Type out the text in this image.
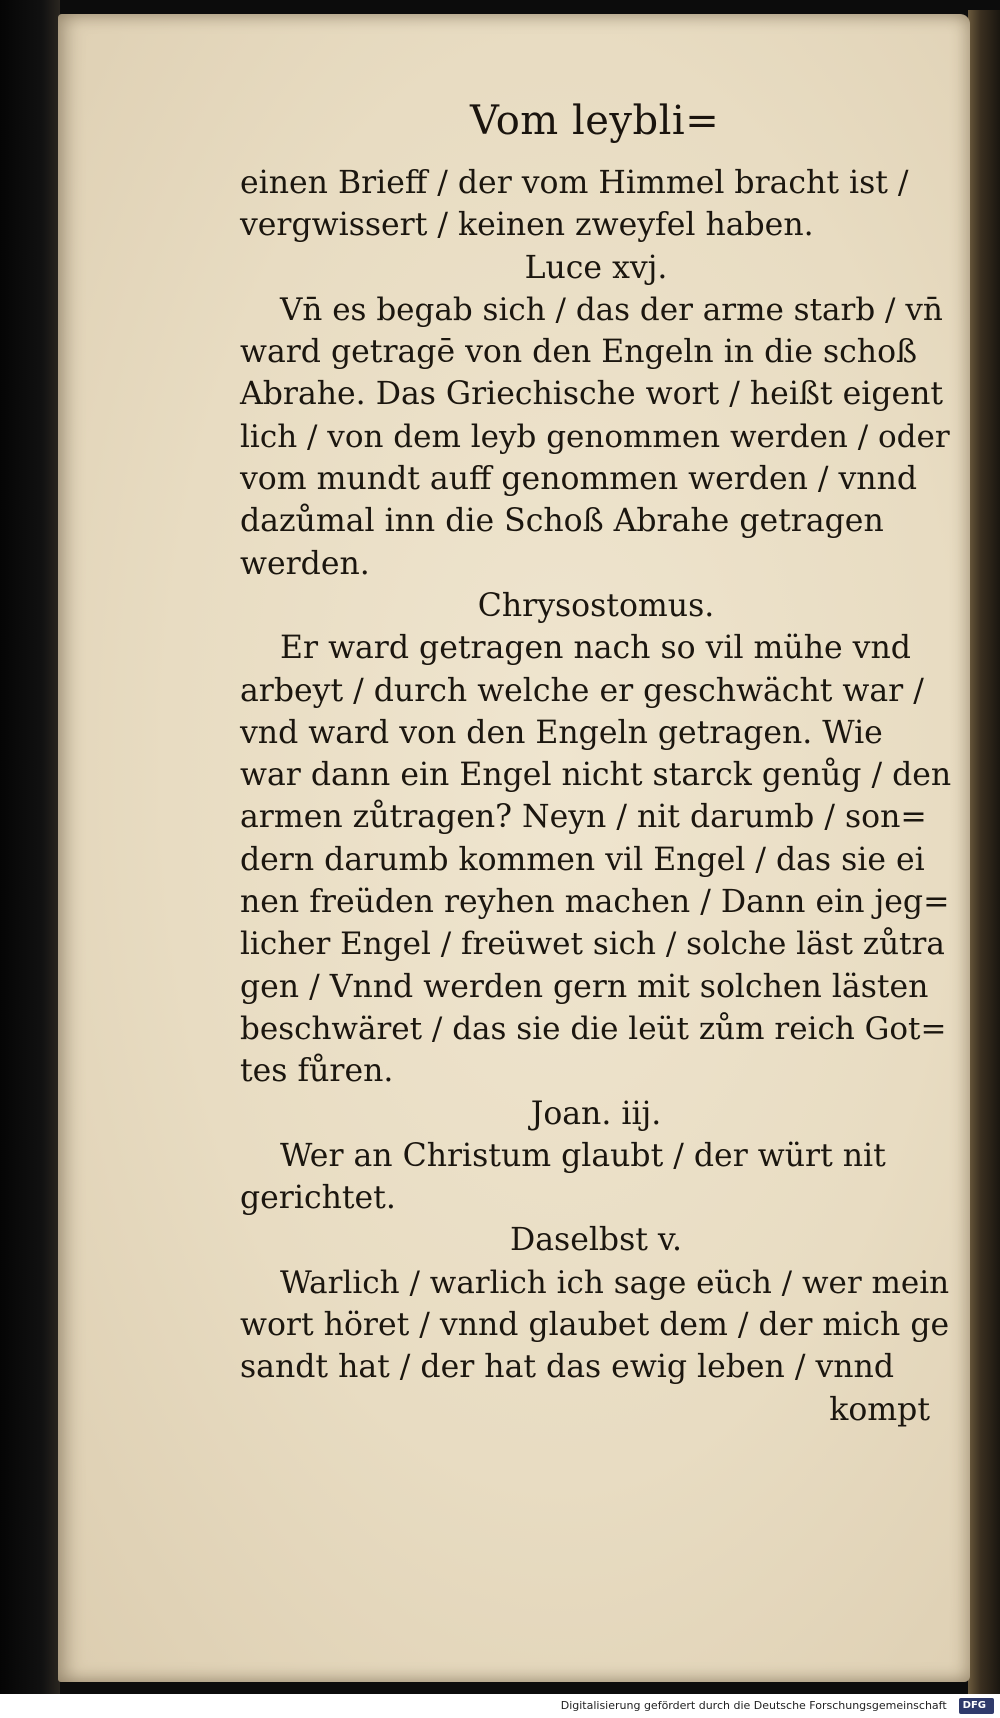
Vom leybli=
einen Brieff / der vom Himmel bracht ist /
vergwissert / keinen zweyfel haben.
Luce xvj.
Vn̄ es begab sich / das der arme starb / vn̄
ward getragē von den Engeln in die schoß
Abrahe. Das Griechische wort / heißt eigent
lich / von dem leyb genommen werden / oder
vom mundt auff genommen werden / vnnd
dazůmal inn die Schoß Abrahe getragen
werden.
Chrysostomus.
Er ward getragen nach so vil mühe vnd
arbeyt / durch welche er geschwächt war /
vnd ward von den Engeln getragen. Wie
war dann ein Engel nicht starck genůg / den
armen zůtragen? Neyn / nit darumb / son=
dern darumb kommen vil Engel / das sie ei
nen freüden reyhen machen / Dann ein jeg=
licher Engel / freüwet sich / solche läst zůtra
gen / Vnnd werden gern mit solchen lästen
beschwäret / das sie die leüt zům reich Got=
tes fůren.
Joan. iij.
Wer an Christum glaubt / der würt nit
gerichtet.
Daselbst v.
Warlich / warlich ich sage eüch / wer mein
wort höret / vnnd glaubet dem / der mich ge
sandt hat / der hat das ewig leben / vnnd
kompt
Digitalisierung gefördert durch die Deutsche Forschungsgemeinschaft DFG
